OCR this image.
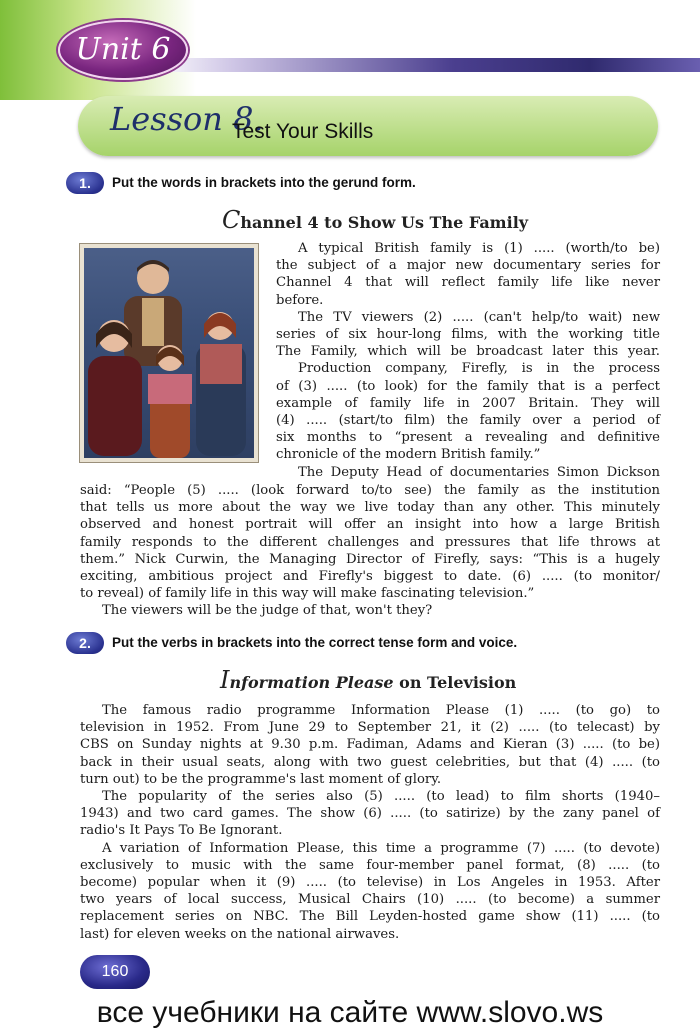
Unit 6
Lesson 8.
Test Your Skills
1.	Put the words in brackets into the gerund form.
Channel 4 to Show Us The Family

A typical British family is (1) ..... (worth/to be)

the subject of a major new documentary series for

Channel 4 that will reflect family life like never

before.

The TV viewers (2) ..... (can't help/to wait) new

series of six hour-long films, with the working title

The Family, which will be broadcast later this year.

Production company, Firefly, is in the process

of (3) ..... (to look) for the family that is a perfect

example of family life in 2007 Britain. They will

(4) ..... (start/to film) the family over a period of

six months to “present a revealing and definitive

chronicle of the modern British family.”

The Deputy Head of documentaries Simon Dickson

said: “People (5) ..... (look forward to/to see) the family as the institution

that tells us more about the way we live today than any other. This minutely

observed and honest portrait will offer an insight into how a large British

family responds to the different challenges and pressures that life throws at

them.” Nick Curwin, the Managing Director of Firefly, says: “This is a hugely

exciting, ambitious project and Firefly's biggest to date. (6) ..... (to monitor/

to reveal) of family life in this way will make fascinating television.”

The viewers will be the judge of that, won't they?

2.	Put the verbs in brackets into the correct tense form and voice.
Information Please on Television

The famous radio programme Information Please (1) ..... (to go) to

television in 1952. From June 29 to September 21, it (2) ..... (to telecast) by

CBS on Sunday nights at 9.30 p.m. Fadiman, Adams and Kieran (3) ..... (to be)

back in their usual seats, along with two guest celebrities, but that (4) ..... (to

turn out) to be the programme's last moment of glory.

The popularity of the series also (5) ..... (to lead) to film shorts (1940–

1943) and two card games. The show (6) ..... (to satirize) by the zany panel of

radio's It Pays To Be Ignorant.

A variation of Information Please, this time a programme (7) ..... (to devote)

exclusively to music with the same four-member panel format, (8) ..... (to

become) popular when it (9) ..... (to televise) in Los Angeles in 1953. After

two years of local success, Musical Chairs (10) ..... (to become) a summer

replacement series on NBC. The Bill Leyden-hosted game show (11) ..... (to

last) for eleven weeks on the national airwaves.

160
все учебники на сайте www.slovo.ws
